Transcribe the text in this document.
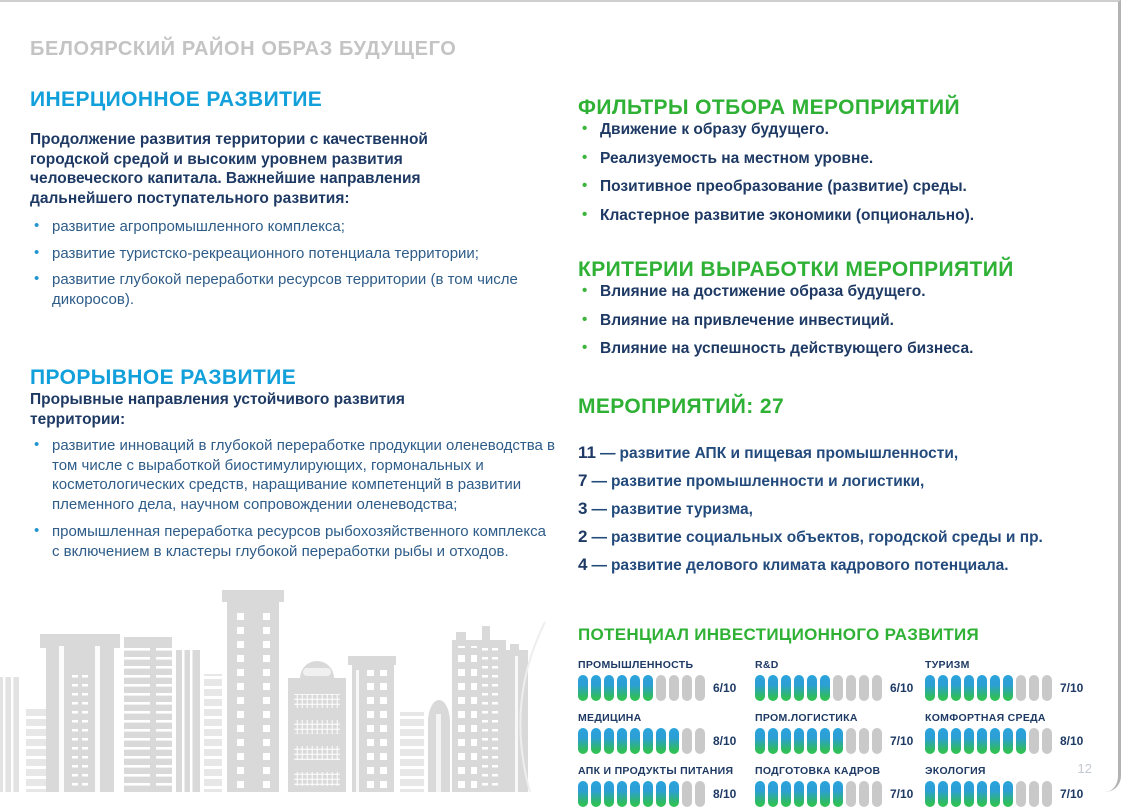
БЕЛОЯРСКИЙ РАЙОН ОБРАЗ БУДУЩЕГО
ИНЕРЦИОННОЕ РАЗВИТИЕ

Продолжение развития территории с качественной городской средой и высоким уровнем развития человеческого капитала. Важнейшие направления дальнейшего поступательного развития:

• развитие агропромышленного комплекса;
• развитие туристско-рекреационного потенциала территории;
• развитие глубокой переработки ресурсов территории (в том числе дикоросов).
ПРОРЫВНОЕ РАЗВИТИЕ

Прорывные направления устойчивого развития территории:

• развитие инноваций в глубокой переработке продукции оленеводства в том числе с выработкой биостимулирующих, гормональных и косметологических средств, наращивание компетенций в развитии племенного дела, научном сопровождении оленеводства;
• промышленная переработка ресурсов рыбохозяйственного комплекса с включением в кластеры глубокой переработки рыбы и отходов.
ФИЛЬТРЫ ОТБОРА МЕРОПРИЯТИЙ
• Движение к образу будущего.
• Реализуемость на местном уровне.
• Позитивное преобразование (развитие) среды.
• Кластерное развитие экономики (опционально).
КРИТЕРИИ ВЫРАБОТКИ МЕРОПРИЯТИЙ
• Влияние на достижение образа будущего.
• Влияние на привлечение инвестиций.
• Влияние на успешность действующего бизнеса.
МЕРОПРИЯТИЙ: 27
11 — развитие АПК и пищевая промышленности,
7 — развитие промышленности и логистики,
3 — развитие туризма,
2 — развитие социальных объектов, городской среды и пр.
4 — развитие делового климата кадрового потенциала.
ПОТЕНЦИАЛ ИНВЕСТИЦИОННОГО РАЗВИТИЯ
ПРОМЫШЛЕННОСТЬ
6/10
R&D
6/10
ТУРИЗМ
7/10
МЕДИЦИНА
8/10
ПРОМ.ЛОГИСТИКА
7/10
КОМФОРТНАЯ СРЕДА
8/10
АПК И ПРОДУКТЫ ПИТАНИЯ
8/10
ПОДГОТОВКА КАДРОВ
7/10
ЭКОЛОГИЯ
7/10
12
